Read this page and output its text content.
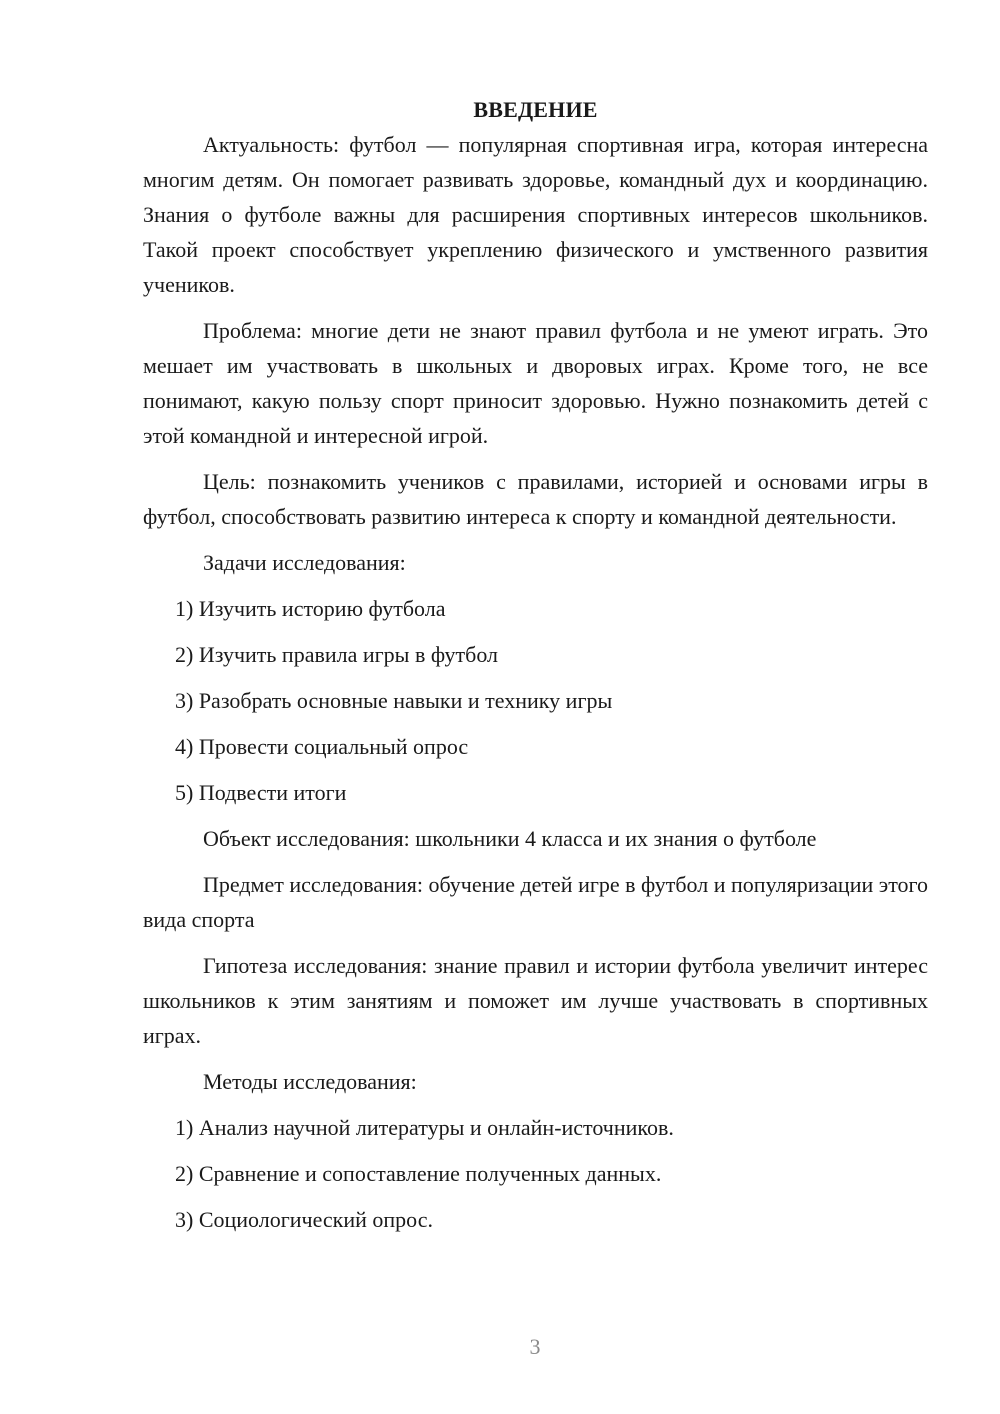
ВВЕДЕНИЕ
Актуальность: футбол — популярная спортивная игра, которая интересна многим детям. Он помогает развивать здоровье, командный дух и координацию. Знания о футболе важны для расширения спортивных интересов школьников. Такой проект способствует укреплению физического и умственного развития учеников.
Проблема: многие дети не знают правил футбола и не умеют играть. Это мешает им участвовать в школьных и дворовых играх. Кроме того, не все понимают, какую пользу спорт приносит здоровью. Нужно познакомить детей с этой командной и интересной игрой.
Цель: познакомить учеников с правилами, историей и основами игры в футбол, способствовать развитию интереса к спорту и командной деятельности.
Задачи исследования:
1) Изучить историю футбола
2) Изучить правила игры в футбол
3) Разобрать основные навыки и технику игры
4) Провести социальный опрос
5) Подвести итоги
Объект исследования: школьники 4 класса и их знания о футболе
Предмет исследования: обучение детей игре в футбол и популяризации этого вида спорта
Гипотеза исследования: знание правил и истории футбола увеличит интерес школьников к этим занятиям и поможет им лучше участвовать в спортивных играх.
Методы исследования:
1) Анализ научной литературы и онлайн-источников.
2) Сравнение и сопоставление полученных данных.
3) Социологический опрос.
3
